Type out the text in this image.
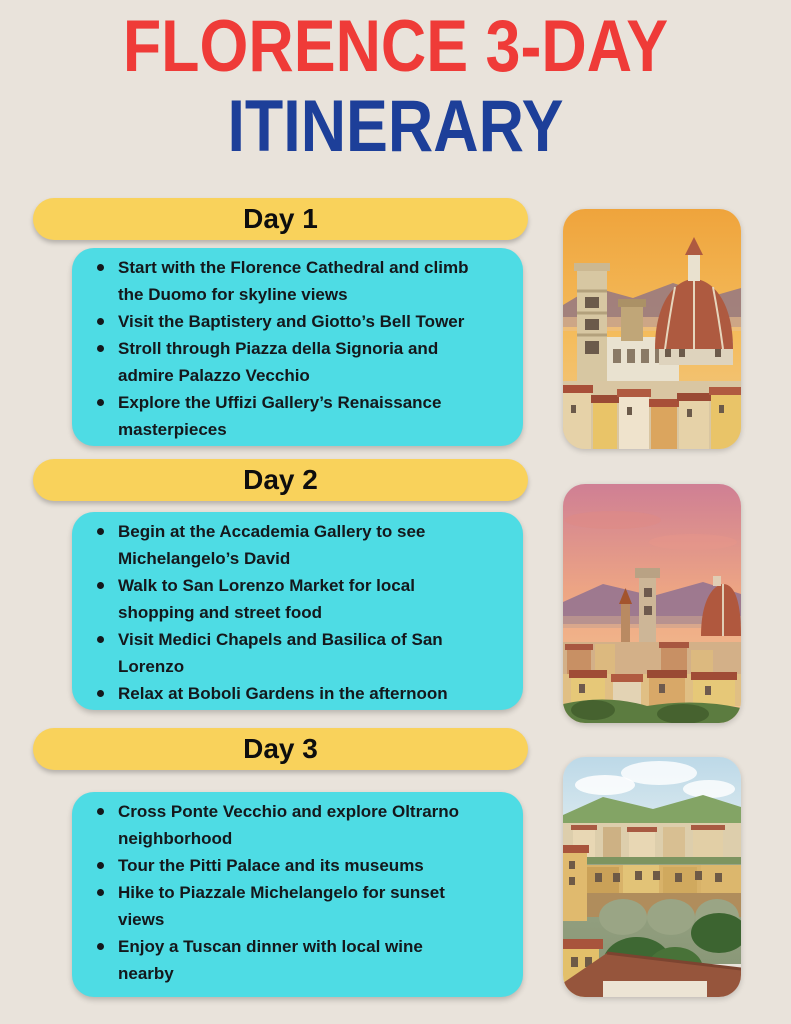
FLORENCE 3-DAY
ITINERARY
Day 1
Start with the Florence Cathedral and climb the Duomo for skyline views
Visit the Baptistery and Giotto’s Bell Tower
Stroll through Piazza della Signoria and admire Palazzo Vecchio
Explore the Uffizi Gallery’s Renaissance masterpieces
Day 2
Begin at the Accademia Gallery to see Michelangelo’s David
Walk to San Lorenzo Market for local shopping and street food
Visit Medici Chapels and Basilica of San Lorenzo
Relax at Boboli Gardens in the afternoon
Day 3
Cross Ponte Vecchio and explore Oltrarno neighborhood
Tour the Pitti Palace and its museums
Hike to Piazzale Michelangelo for sunset views
Enjoy a Tuscan dinner with local wine nearby
